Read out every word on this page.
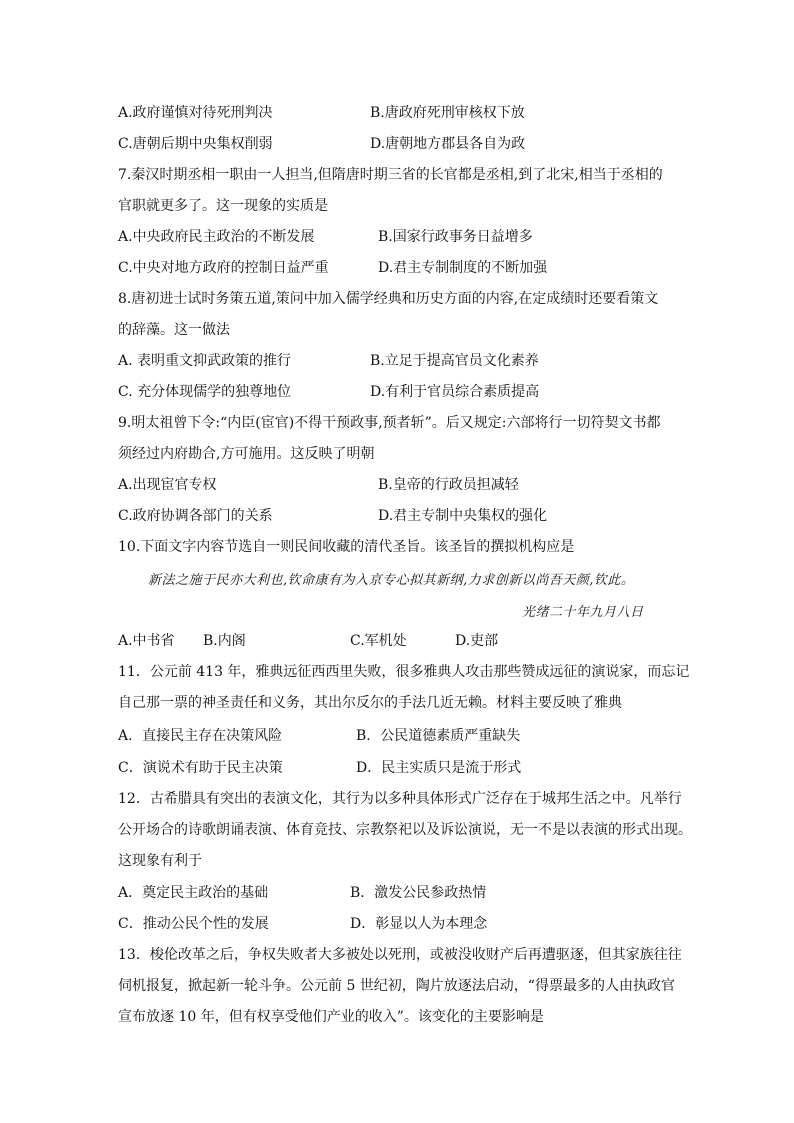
A.政府谨慎对待死刑判决	B.唐政府死刑审核权下放
C.唐朝后期中央集权削弱	D.唐朝地方郡县各自为政
7.秦汉时期丞相一职由一人担当,但隋唐时期三省的长官都是丞相,到了北宋,相当于丞相的
官职就更多了。这一现象的实质是
A.中央政府民主政治的不断发展	B.国家行政事务日益增多
C.中央对地方政府的控制日益严重	D.君主专制制度的不断加强
8.唐初进士试时务策五道,策问中加入儒学经典和历史方面的内容,在定成绩时还要看策文
的辞藻。这一做法
A. 表明重文抑武政策的推行	B.立足于提高官员文化素养
C. 充分体现儒学的独尊地位	D.有利于官员综合素质提高
9.明太祖曾下令:“内臣(宦官)不得干预政事,预者斩”。后又规定:六部将行一切符契文书都
须经过内府勘合,方可施用。这反映了明朝
A.出现宦官专权	B.皇帝的行政员担减轻
C.政府协调各部门的关系	D.君主专制中央集权的强化
10.下面文字内容节选自一则民间收藏的清代圣旨。该圣旨的撰拟机构应是
新法之施于民亦大利也,钦命康有为入京专心拟其新纲,力求创新以尚吾天颜,钦此。
光绪二十年九月八日
A.中书省 B.内阁	C.军机处	D.吏部
11．公元前 413 年，雅典远征西西里失败，很多雅典人攻击那些赞成远征的演说家，而忘记
自己那一票的神圣责任和义务，其出尔反尔的手法几近无赖。材料主要反映了雅典
A．直接民主存在决策风险	B．公民道德素质严重缺失
C．演说术有助于民主决策	D．民主实质只是流于形式
12．古希腊具有突出的表演文化，其行为以多种具体形式广泛存在于城邦生活之中。凡举行
公开场合的诗歌朗诵表演、体育竞技、宗教祭祀以及诉讼演说，无一不是以表演的形式出现。
这现象有利于
A．奠定民主政治的基础	B．激发公民参政热情
C．推动公民个性的发展	D．彰显以人为本理念
13．梭伦改革之后，争权失败者大多被处以死刑，或被没收财产后再遭驱逐，但其家族往往
伺机报复，掀起新一轮斗争。公元前 5 世纪初，陶片放逐法启动，“得票最多的人由执政官
宣布放逐 10 年，但有权享受他们产业的收入”。该变化的主要影响是
